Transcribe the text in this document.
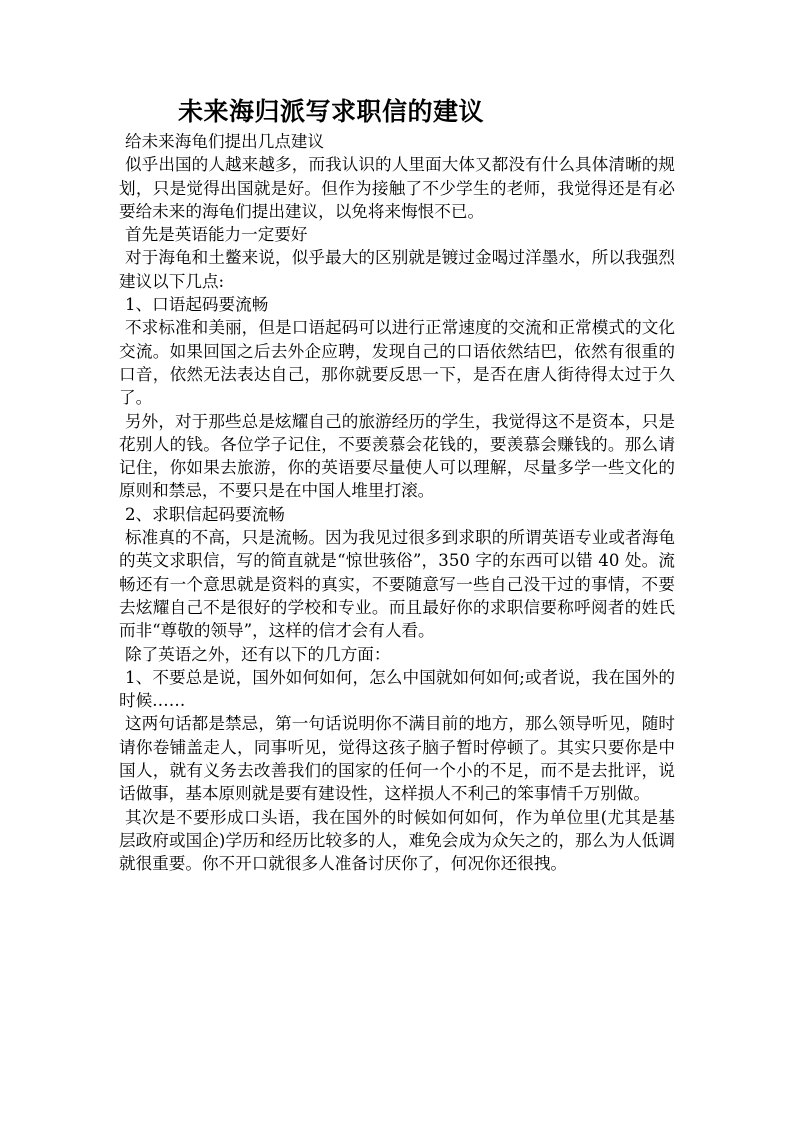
未来海归派写求职信的建议

给未来海龟们提出几点建议

似乎出国的人越来越多，而我认识的人里面大体又都没有什么具体清晰的规划，只是觉得出国就是好。但作为接触了不少学生的老师，我觉得还是有必要给未来的海龟们提出建议，以免将来悔恨不已。

首先是英语能力一定要好

对于海龟和土鳖来说，似乎最大的区别就是镀过金喝过洋墨水，所以我强烈建议以下几点:

1、口语起码要流畅

不求标准和美丽，但是口语起码可以进行正常速度的交流和正常模式的文化交流。如果回国之后去外企应聘，发现自己的口语依然结巴，依然有很重的口音，依然无法表达自己，那你就要反思一下，是否在唐人街待得太过于久了。

另外，对于那些总是炫耀自己的旅游经历的学生，我觉得这不是资本，只是花别人的钱。各位学子记住，不要羡慕会花钱的，要羡慕会赚钱的。那么请记住，你如果去旅游，你的英语要尽量使人可以理解，尽量多学一些文化的原则和禁忌，不要只是在中国人堆里打滚。

2、求职信起码要流畅

标准真的不高，只是流畅。因为我见过很多到求职的所谓英语专业或者海龟的英文求职信，写的简直就是“惊世骇俗”，350 字的东西可以错 40 处。流畅还有一个意思就是资料的真实，不要随意写一些自己没干过的事情，不要去炫耀自己不是很好的学校和专业。而且最好你的求职信要称呼阅者的姓氏而非“尊敬的领导”，这样的信才会有人看。

除了英语之外，还有以下的几方面：

1、不要总是说，国外如何如何，怎么中国就如何如何;或者说，我在国外的时候……

这两句话都是禁忌，第一句话说明你不满目前的地方，那么领导听见，随时请你卷铺盖走人，同事听见，觉得这孩子脑子暂时停顿了。其实只要你是中国人，就有义务去改善我们的国家的任何一个小的不足，而不是去批评，说话做事，基本原则就是要有建设性，这样损人不利己的笨事情千万别做。

其次是不要形成口头语，我在国外的时候如何如何，作为单位里(尤其是基层政府或国企)学历和经历比较多的人，难免会成为众矢之的，那么为人低调就很重要。你不开口就很多人准备讨厌你了，何况你还很拽。
